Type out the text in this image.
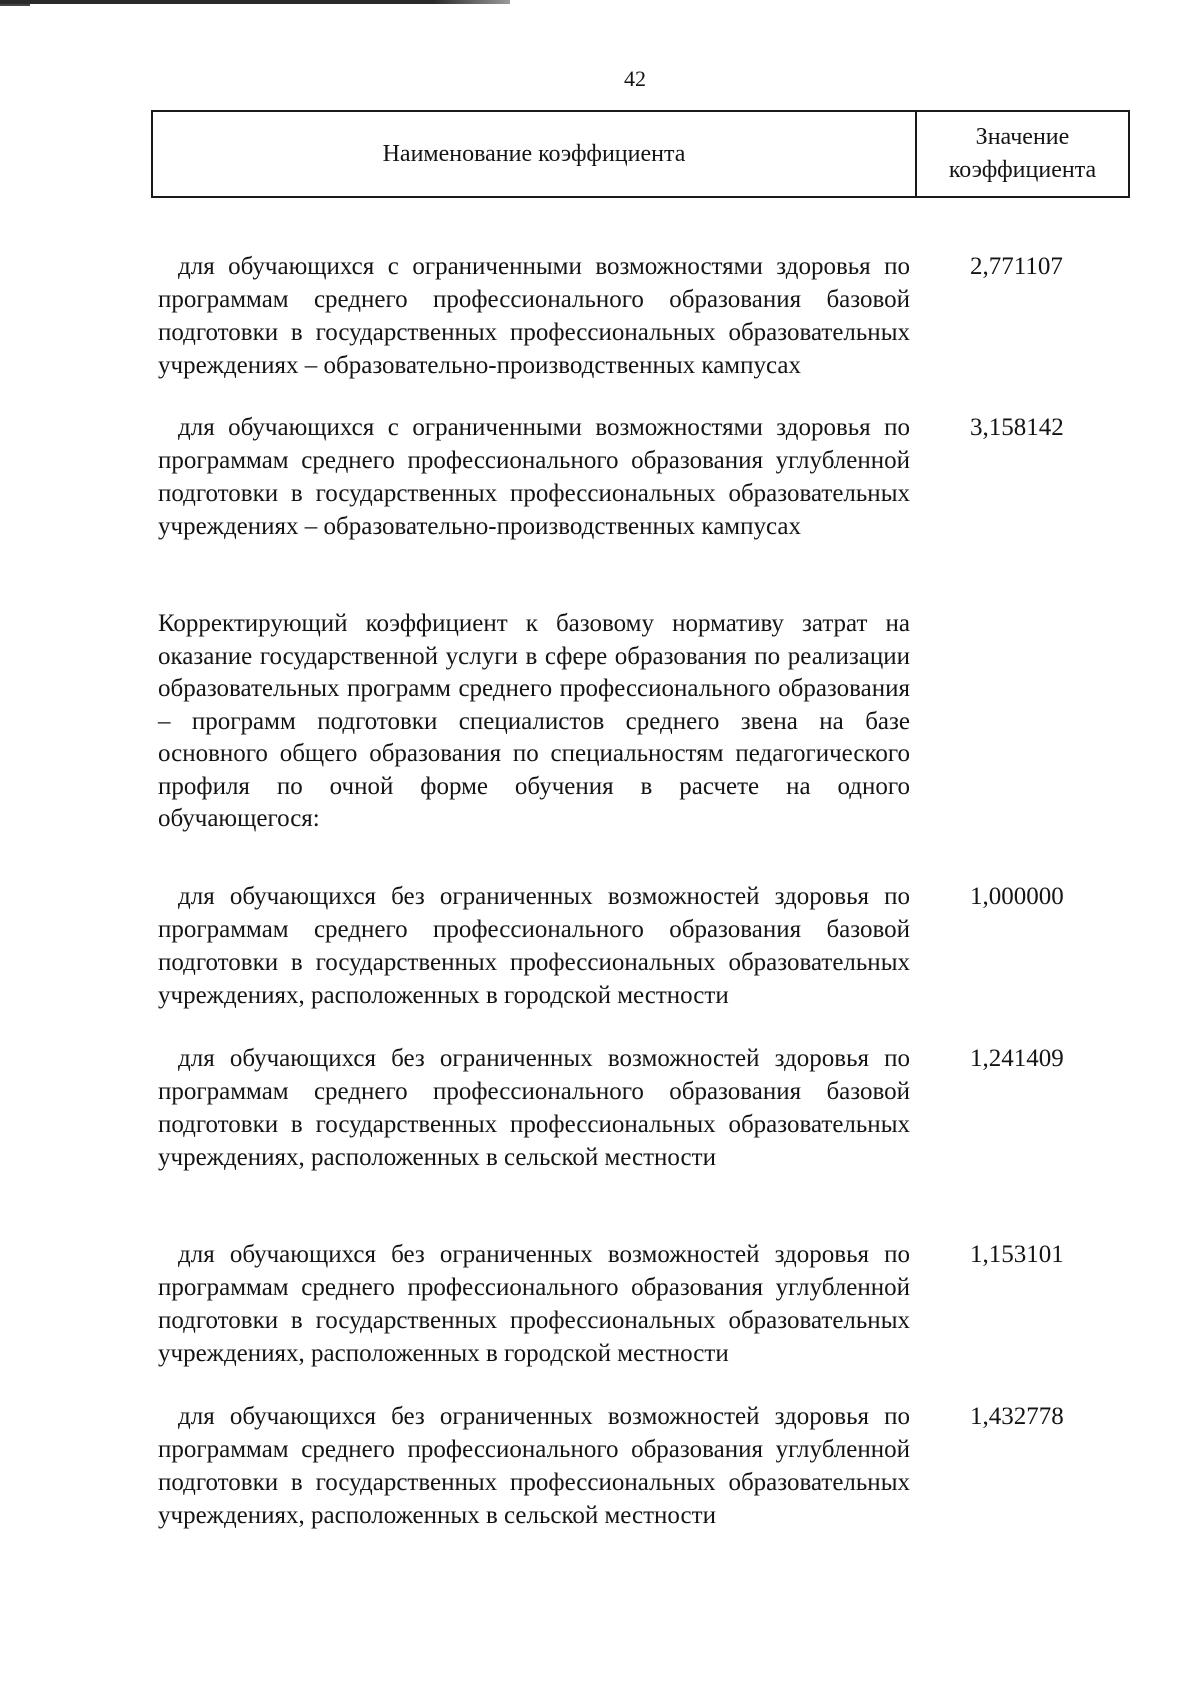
42
Наименование коэффициента
Значение
коэффициента
для обучающихся с ограниченными возможностями здоровья по программам среднего профессионального образования базовой подготовки в государственных профессиональных образовательных учреждениях – образовательно-производственных кампусах
2,771107
для обучающихся с ограниченными возможностями здоровья по программам среднего профессионального образования углубленной подготовки в государственных профессиональных образовательных учреждениях – образовательно-производственных кампусах
3,158142
Корректирующий коэффициент к базовому нормативу затрат на оказание государственной услуги в сфере образования по реализации образовательных программ среднего профессионального образования – программ подготовки специалистов среднего звена на базе основного общего образования по специальностям педагогического профиля по очной форме обучения в расчете на одного обучающегося:
для обучающихся без ограниченных возможностей здоровья по программам среднего профессионального образования базовой подготовки в государственных профессиональных образовательных учреждениях, расположенных в городской местности
1,000000
для обучающихся без ограниченных возможностей здоровья по программам среднего профессионального образования базовой подготовки в государственных профессиональных образовательных учреждениях, расположенных в сельской местности
1,241409
для обучающихся без ограниченных возможностей здоровья по программам среднего профессионального образования углубленной подготовки в государственных профессиональных образовательных учреждениях, расположенных в городской местности
1,153101
для обучающихся без ограниченных возможностей здоровья по программам среднего профессионального образования углубленной подготовки в государственных профессиональных образовательных учреждениях, расположенных в сельской местности
1,432778
